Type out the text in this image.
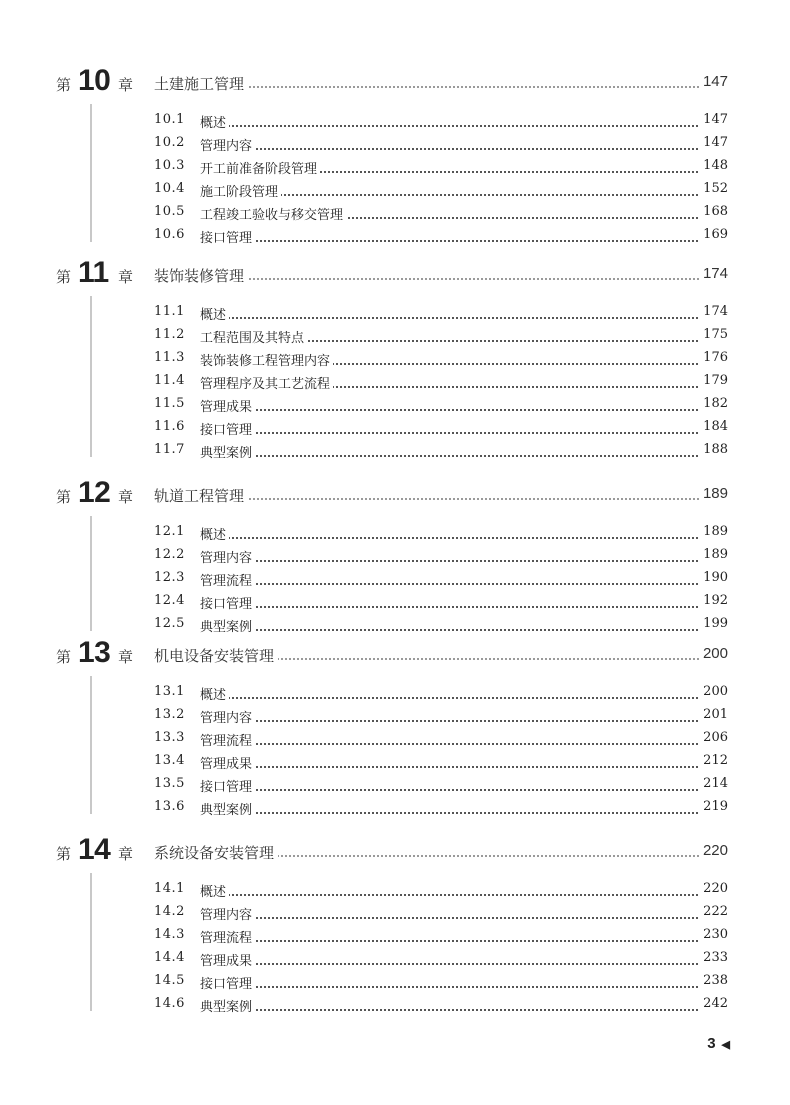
第 10 章 土建施工管理	147
10.1 概述	147
10.2 管理内容	147
10.3 开工前准备阶段管理	148
10.4 施工阶段管理	152
10.5 工程竣工验收与移交管理	168
10.6 接口管理	169
第 11 章 装饰装修管理	174
11.1 概述	174
11.2 工程范围及其特点	175
11.3 装饰装修工程管理内容	176
11.4 管理程序及其工艺流程	179
11.5 管理成果	182
11.6 接口管理	184
11.7 典型案例	188
第 12 章 轨道工程管理	189
12.1 概述	189
12.2 管理内容	189
12.3 管理流程	190
12.4 接口管理	192
12.5 典型案例	199
第 13 章 机电设备安装管理	200
13.1 概述	200
13.2 管理内容	201
13.3 管理流程	206
13.4 管理成果	212
13.5 接口管理	214
13.6 典型案例	219
第 14 章 系统设备安装管理	220
14.1 概述	220
14.2 管理内容	222
14.3 管理流程	230
14.4 管理成果	233
14.5 接口管理	238
14.6 典型案例	242
3 ◀
